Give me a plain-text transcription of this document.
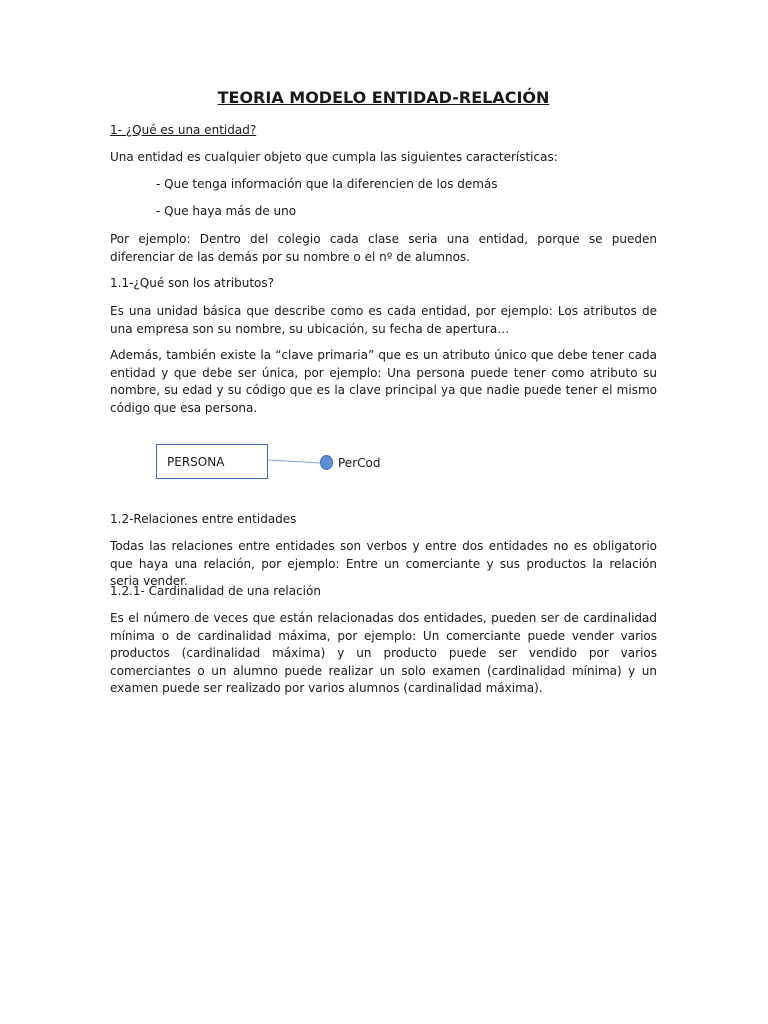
TEORIA MODELO ENTIDAD-RELACIÓN

1- ¿Qué es una entidad?

Una entidad es cualquier objeto que cumpla las siguientes características:

- Que tenga información que la diferencien de los demás

- Que haya más de uno

Por ejemplo: Dentro del colegio cada clase seria una entidad, porque se pueden diferenciar de las demás por su nombre o el nº de alumnos.

1.1-¿Qué son los atributos?

Es una unidad básica que describe como es cada entidad, por ejemplo: Los atributos de una empresa son su nombre, su ubicación, su fecha de apertura…

Además, también existe la “clave primaria” que es un atributo único que debe tener cada entidad y que debe ser única, por ejemplo: Una persona puede tener como atributo su nombre, su edad y su código que es la clave principal ya que nadie puede tener el mismo código que esa persona.

PERSONA	PerCod

1.2-Relaciones entre entidades

Todas las relaciones entre entidades son verbos y entre dos entidades no es obligatorio que haya una relación, por ejemplo: Entre un comerciante y sus productos la relación seria vender.

1.2.1- Cardinalidad de una relación

Es el número de veces que están relacionadas dos entidades, pueden ser de cardinalidad mínima o de cardinalidad máxima, por ejemplo: Un comerciante puede vender varios productos (cardinalidad máxima) y un producto puede ser vendido por varios comerciantes o un alumno puede realizar un solo examen (cardinalidad mínima) y un examen puede ser realizado por varios alumnos (cardinalidad máxima).
